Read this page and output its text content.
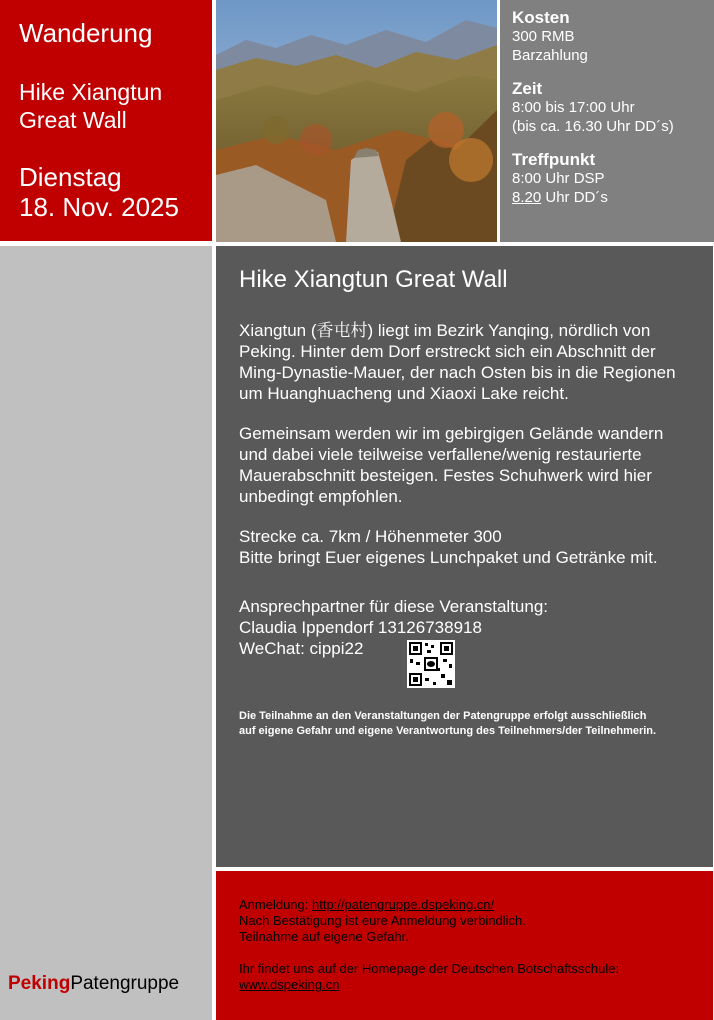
Wanderung
Hike Xiangtun
Great Wall
Dienstag
18. Nov. 2025
Kosten
300 RMB
Barzahlung
Zeit
8:00 bis 17:00 Uhr
(bis ca. 16.30 Uhr DD´s)
Treffpunkt
8:00 Uhr DSP
8.20 Uhr DD´s
PekingPatengruppe
Hike Xiangtun Great Wall
Xiangtun (香屯村) liegt im Bezirk Yanqing, nördlich von Peking. Hinter dem Dorf erstreckt sich ein Abschnitt der Ming-Dynastie-Mauer, der nach Osten bis in die Regionen um Huanghuacheng und Xiaoxi Lake reicht.
Gemeinsam werden wir im gebirgigen Gelände wandern und dabei viele teilweise verfallene/wenig restaurierte Mauerabschnitt besteigen. Festes Schuhwerk wird hier unbedingt empfohlen.
Strecke ca. 7km / Höhenmeter 300
Bitte bringt Euer eigenes Lunchpaket und Getränke mit.
Ansprechpartner für diese Veranstaltung:
Claudia Ippendorf 13126738918
WeChat: cippi22
Die Teilnahme an den Veranstaltungen der Patengruppe erfolgt ausschließlich auf eigene Gefahr und eigene Verantwortung des Teilnehmers/der Teilnehmerin.
Anmeldung: http://patengruppe.dspeking.cn/
Nach Bestätigung ist eure Anmeldung verbindlich.
Teilnahme auf eigene Gefahr.
Ihr findet uns auf der Homepage der Deutschen Botschaftsschule:
www.dspeking.cn
